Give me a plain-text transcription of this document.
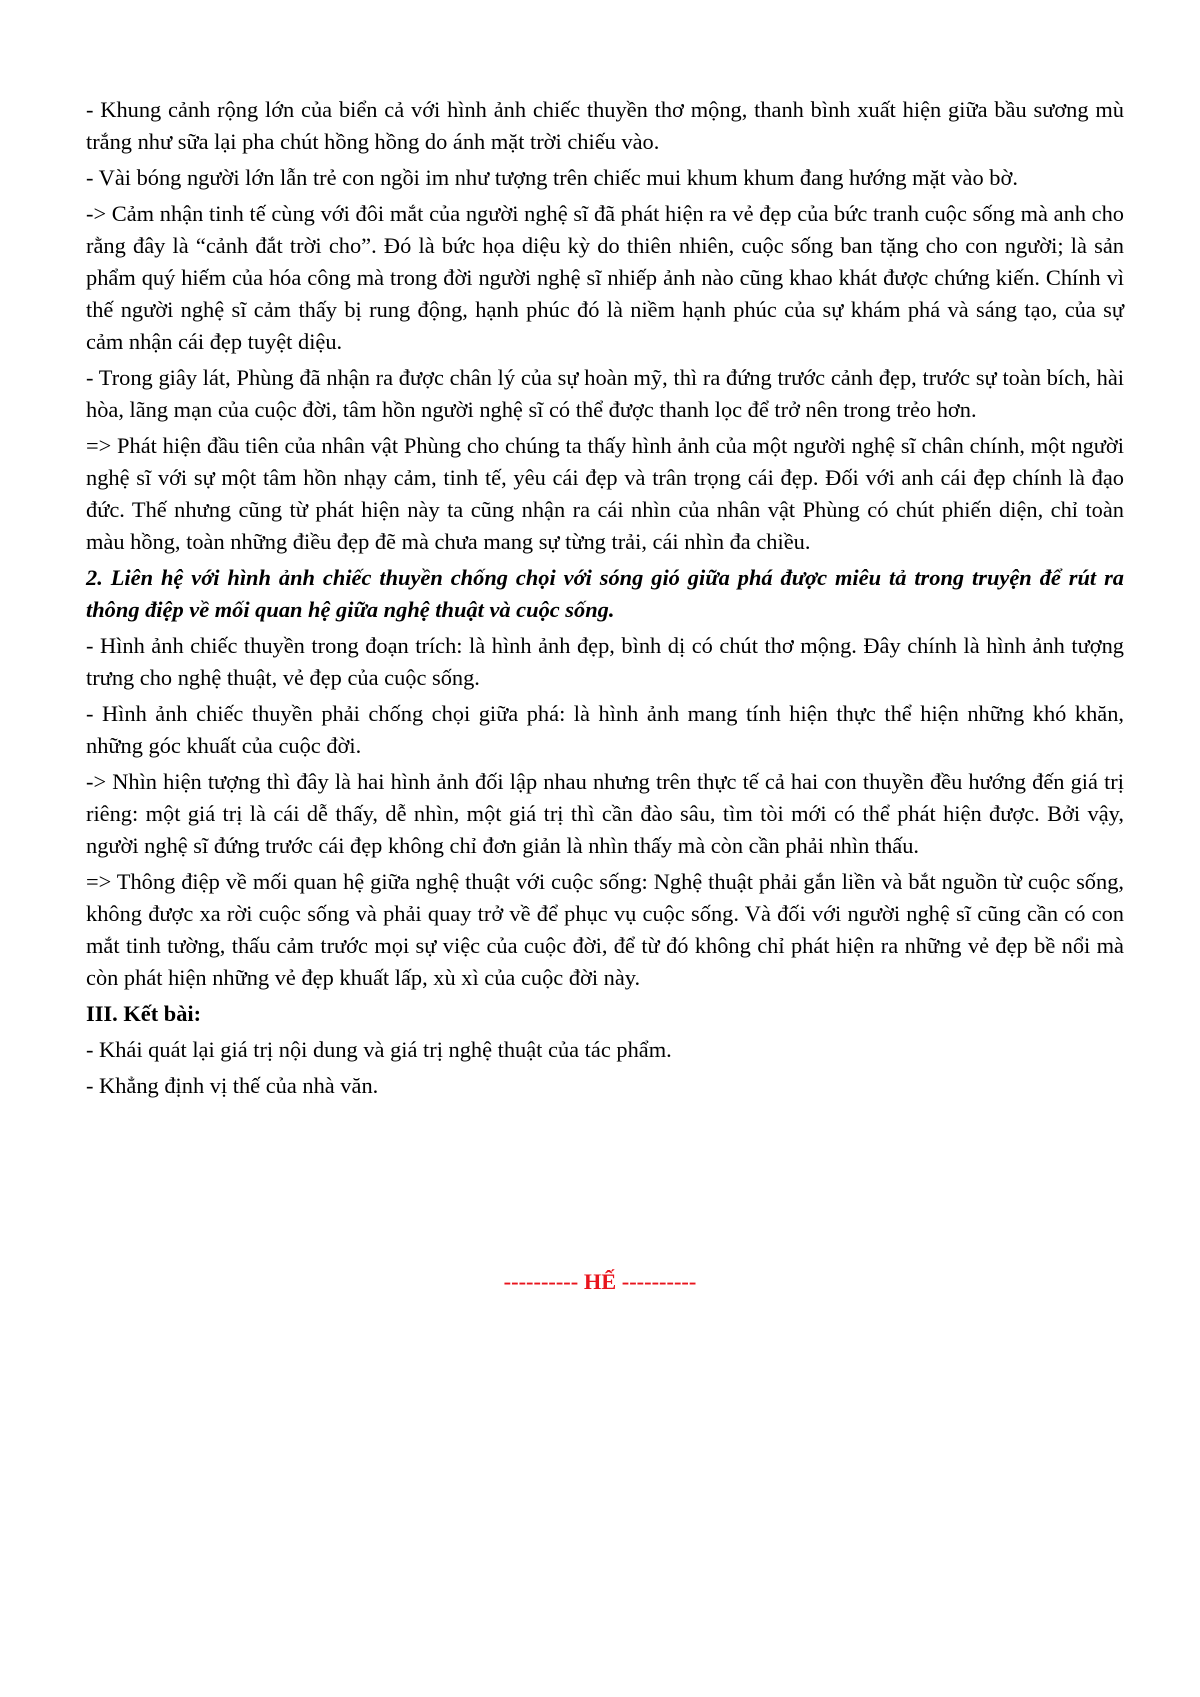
- Khung cảnh rộng lớn của biển cả với hình ảnh chiếc thuyền thơ mộng, thanh bình xuất hiện giữa bầu sương mù trắng như sữa lại pha chút hồng hồng do ánh mặt trời chiếu vào.

- Vài bóng người lớn lẫn trẻ con ngồi im như tượng trên chiếc mui khum khum đang hướng mặt vào bờ.

-> Cảm nhận tinh tế cùng với đôi mắt của người nghệ sĩ đã phát hiện ra vẻ đẹp của bức tranh cuộc sống mà anh cho rằng đây là “cảnh đắt trời cho”. Đó là bức họa diệu kỳ do thiên nhiên, cuộc sống ban tặng cho con người; là sản phẩm quý hiếm của hóa công mà trong đời người nghệ sĩ nhiếp ảnh nào cũng khao khát được chứng kiến. Chính vì thế người nghệ sĩ cảm thấy bị rung động, hạnh phúc đó là niềm hạnh phúc của sự khám phá và sáng tạo, của sự cảm nhận cái đẹp tuyệt diệu.

- Trong giây lát, Phùng đã nhận ra được chân lý của sự hoàn mỹ, thì ra đứng trước cảnh đẹp, trước sự toàn bích, hài hòa, lãng mạn của cuộc đời, tâm hồn người nghệ sĩ có thể được thanh lọc để trở nên trong trẻo hơn.

=> Phát hiện đầu tiên của nhân vật Phùng cho chúng ta thấy hình ảnh của một người nghệ sĩ chân chính, một người nghệ sĩ với sự một tâm hồn nhạy cảm, tinh tế, yêu cái đẹp và trân trọng cái đẹp. Đối với anh cái đẹp chính là đạo đức. Thế nhưng cũng từ phát hiện này ta cũng nhận ra cái nhìn của nhân vật Phùng có chút phiến diện, chỉ toàn màu hồng, toàn những điều đẹp đẽ mà chưa mang sự từng trải, cái nhìn đa chiều.

2. Liên hệ với hình ảnh chiếc thuyền chống chọi với sóng gió giữa phá được miêu tả trong truyện để rút ra thông điệp về mối quan hệ giữa nghệ thuật và cuộc sống.

- Hình ảnh chiếc thuyền trong đoạn trích: là hình ảnh đẹp, bình dị có chút thơ mộng. Đây chính là hình ảnh tượng trưng cho nghệ thuật, vẻ đẹp của cuộc sống.

- Hình ảnh chiếc thuyền phải chống chọi giữa phá: là hình ảnh mang tính hiện thực thể hiện những khó khăn, những góc khuất của cuộc đời.

-> Nhìn hiện tượng thì đây là hai hình ảnh đối lập nhau nhưng trên thực tế cả hai con thuyền đều hướng đến giá trị riêng: một giá trị là cái dễ thấy, dễ nhìn, một giá trị thì cần đào sâu, tìm tòi mới có thể phát hiện được. Bởi vậy, người nghệ sĩ đứng trước cái đẹp không chỉ đơn giản là nhìn thấy mà còn cần phải nhìn thấu.

=> Thông điệp về mối quan hệ giữa nghệ thuật với cuộc sống: Nghệ thuật phải gắn liền và bắt nguồn từ cuộc sống, không được xa rời cuộc sống và phải quay trở về để phục vụ cuộc sống. Và đối với người nghệ sĩ cũng cần có con mắt tinh tường, thấu cảm trước mọi sự việc của cuộc đời, để từ đó không chỉ phát hiện ra những vẻ đẹp bề nổi mà còn phát hiện những vẻ đẹp khuất lấp, xù xì của cuộc đời này.

III. Kết bài:

- Khái quát lại giá trị nội dung và giá trị nghệ thuật của tác phẩm.

- Khẳng định vị thế của nhà văn.

---------- HẾ ----------
